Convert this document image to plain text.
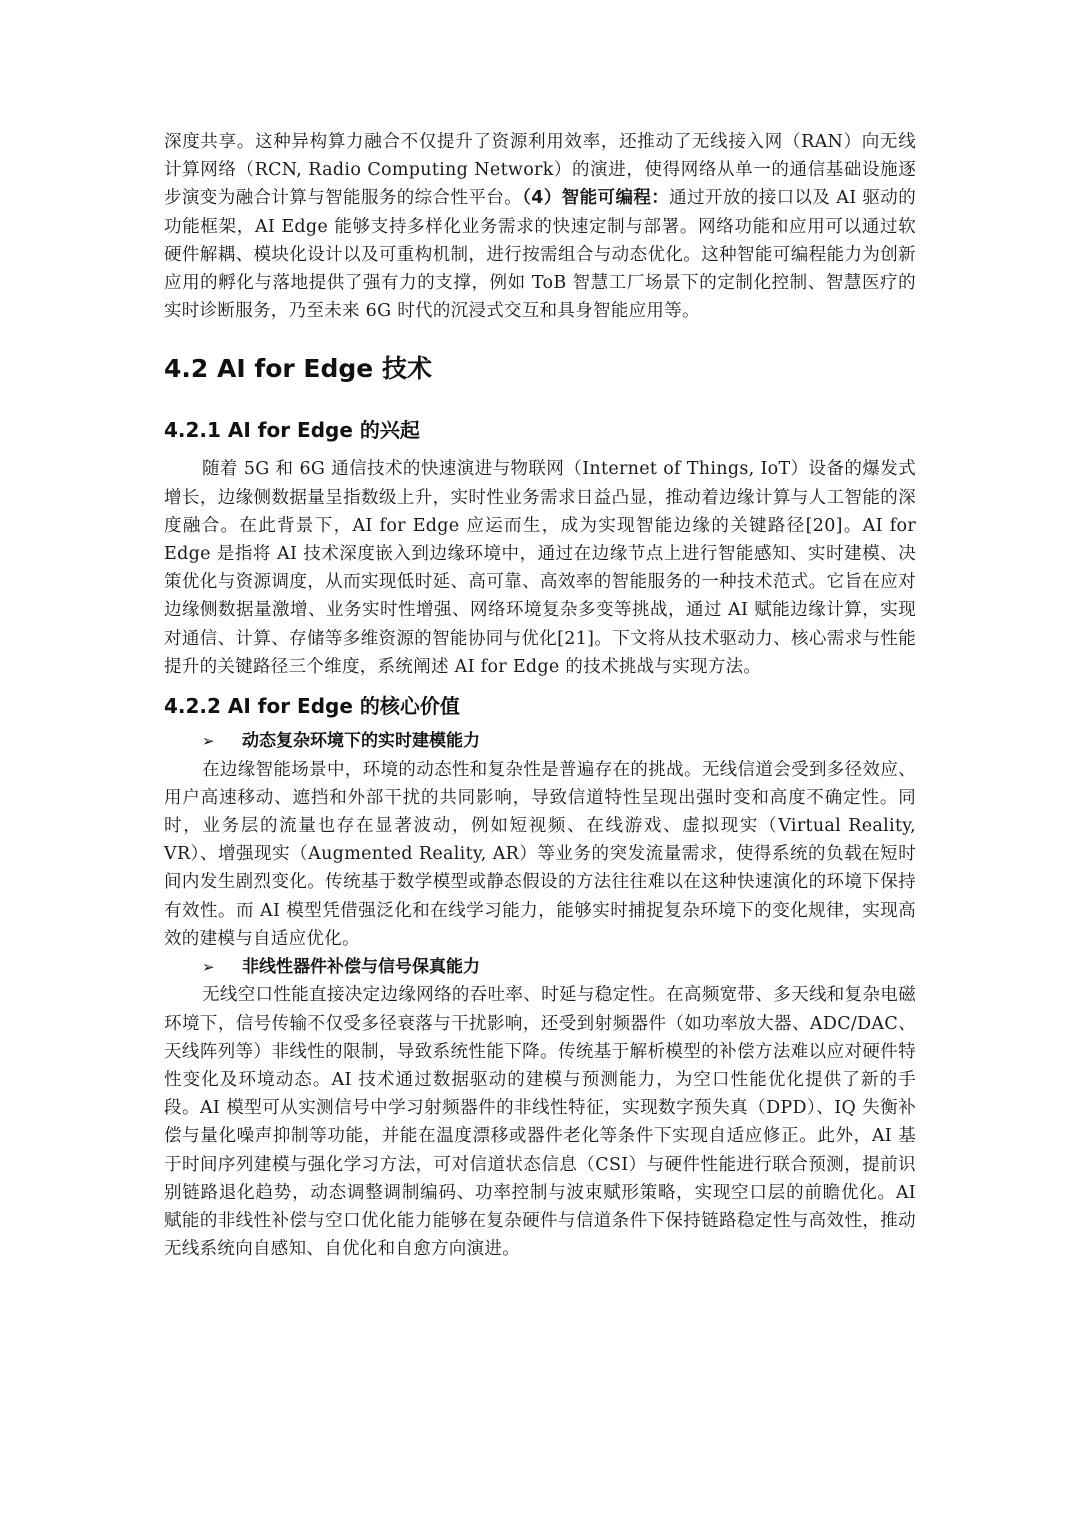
深度共享。这种异构算力融合不仅提升了资源利用效率，还推动了无线接入网（RAN）向无线计算网络（RCN, Radio Computing Network）的演进，使得网络从单一的通信基础设施逐步演变为融合计算与智能服务的综合性平台。（4）智能可编程：通过开放的接口以及 AI 驱动的功能框架，AI Edge 能够支持多样化业务需求的快速定制与部署。网络功能和应用可以通过软硬件解耦、模块化设计以及可重构机制，进行按需组合与动态优化。这种智能可编程能力为创新应用的孵化与落地提供了强有力的支撑，例如 ToB 智慧工厂场景下的定制化控制、智慧医疗的实时诊断服务，乃至未来 6G 时代的沉浸式交互和具身智能应用等。

4.2 AI for Edge 技术
4.2.1 AI for Edge 的兴起

随着 5G 和 6G 通信技术的快速演进与物联网（Internet of Things, IoT）设备的爆发式增长，边缘侧数据量呈指数级上升，实时性业务需求日益凸显，推动着边缘计算与人工智能的深度融合。在此背景下，AI for Edge 应运而生，成为实现智能边缘的关键路径[20]。AI for Edge 是指将 AI 技术深度嵌入到边缘环境中，通过在边缘节点上进行智能感知、实时建模、决策优化与资源调度，从而实现低时延、高可靠、高效率的智能服务的一种技术范式。它旨在应对边缘侧数据量激增、业务实时性增强、网络环境复杂多变等挑战，通过 AI 赋能边缘计算，实现对通信、计算、存储等多维资源的智能协同与优化[21]。下文将从技术驱动力、核心需求与性能提升的关键路径三个维度，系统阐述 AI for Edge 的技术挑战与实现方法。

4.2.2 AI for Edge 的核心价值
➢	动态复杂环境下的实时建模能力

在边缘智能场景中，环境的动态性和复杂性是普遍存在的挑战。无线信道会受到多径效应、用户高速移动、遮挡和外部干扰的共同影响，导致信道特性呈现出强时变和高度不确定性。同时，业务层的流量也存在显著波动，例如短视频、在线游戏、虚拟现实（Virtual Reality, VR）、增强现实（Augmented Reality, AR）等业务的突发流量需求，使得系统的负载在短时间内发生剧烈变化。传统基于数学模型或静态假设的方法往往难以在这种快速演化的环境下保持有效性。而 AI 模型凭借强泛化和在线学习能力，能够实时捕捉复杂环境下的变化规律，实现高效的建模与自适应优化。

➢	非线性器件补偿与信号保真能力

无线空口性能直接决定边缘网络的吞吐率、时延与稳定性。在高频宽带、多天线和复杂电磁环境下，信号传输不仅受多径衰落与干扰影响，还受到射频器件（如功率放大器、ADC/DAC、天线阵列等）非线性的限制，导致系统性能下降。传统基于解析模型的补偿方法难以应对硬件特性变化及环境动态。AI 技术通过数据驱动的建模与预测能力，为空口性能优化提供了新的手段。AI 模型可从实测信号中学习射频器件的非线性特征，实现数字预失真（DPD）、IQ 失衡补偿与量化噪声抑制等功能，并能在温度漂移或器件老化等条件下实现自适应修正。此外，AI 基于时间序列建模与强化学习方法，可对信道状态信息（CSI）与硬件性能进行联合预测，提前识别链路退化趋势，动态调整调制编码、功率控制与波束赋形策略，实现空口层的前瞻优化。AI 赋能的非线性补偿与空口优化能力能够在复杂硬件与信道条件下保持链路稳定性与高效性，推动无线系统向自感知、自优化和自愈方向演进。
